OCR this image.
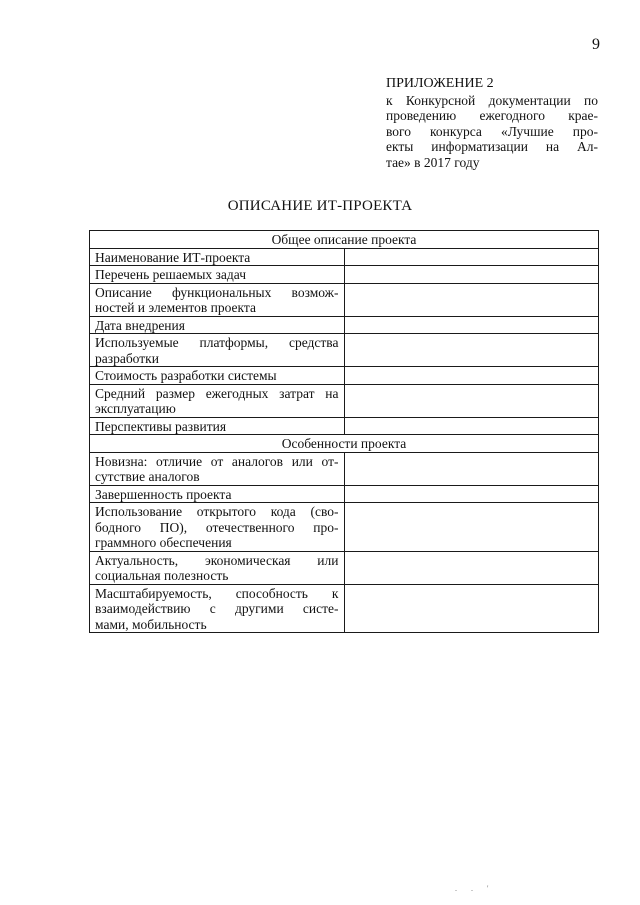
9
ПРИЛОЖЕНИЕ 2
к Конкурсной документации по
проведению ежегодного крае-
вого конкурса «Лучшие про-
екты информатизации на Ал-
тае» в 2017 году
ОПИСАНИЕ ИТ-ПРОЕКТА
Общее описание проекта	

Наименование ИТ-проекта	

Перечень решаемых задач	

Описание функциональных возмож-
ностей и элементов проекта	

Дата внедрения	

Используемые платформы, средства
разработки	

Стоимость разработки системы	

Средний размер ежегодных затрат на
эксплуатацию	

Перспективы развития	

Особенности проекта	

Новизна: отличие от аналогов или от-
сутствие аналогов	

Завершенность проекта	

Использование открытого кода (сво-
бодного ПО), отечественного про-
граммного обеспечения	

Актуальность, экономическая или
социальная полезность	

Масштабируемость, способность к
взаимодействию с другими систе-
мами, мобильность	

. . '
